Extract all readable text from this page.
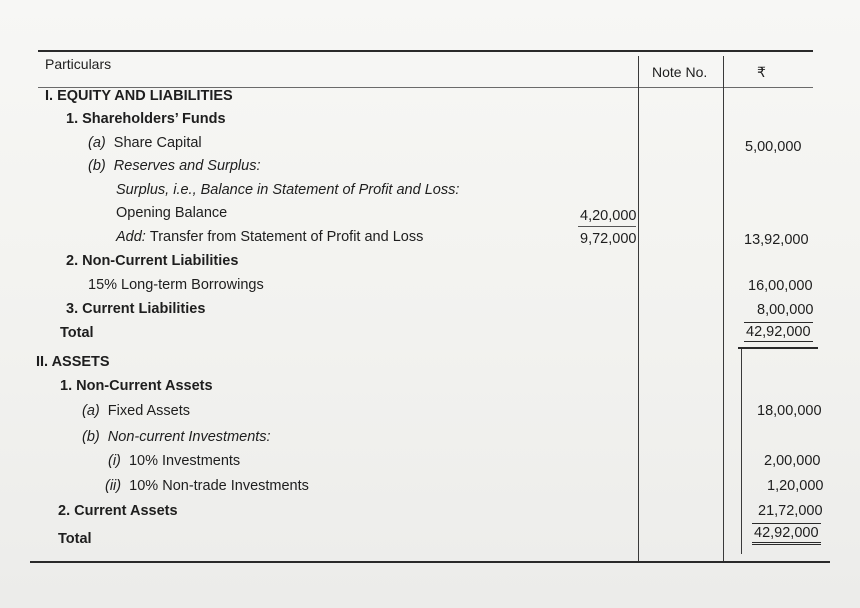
Particulars	Note No.	₹
I. EQUITY AND LIABILITIES
1. Shareholders’ Funds
(a) Share Capital	5,00,000
(b) Reserves and Surplus:
Surplus, i.e., Balance in Statement of Profit and Loss:
Opening Balance	4,20,000
Add: Transfer from Statement of Profit and Loss	9,72,000	13,92,000
2. Non-Current Liabilities
15% Long-term Borrowings	16,00,000
3. Current Liabilities	8,00,000
Total	42,92,000
II. ASSETS
1. Non-Current Assets
(a) Fixed Assets	18,00,000
(b) Non-current Investments:
(i) 10% Investments	2,00,000
(ii) 10% Non-trade Investments	1,20,000
2. Current Assets	21,72,000
Total	42,92,000
